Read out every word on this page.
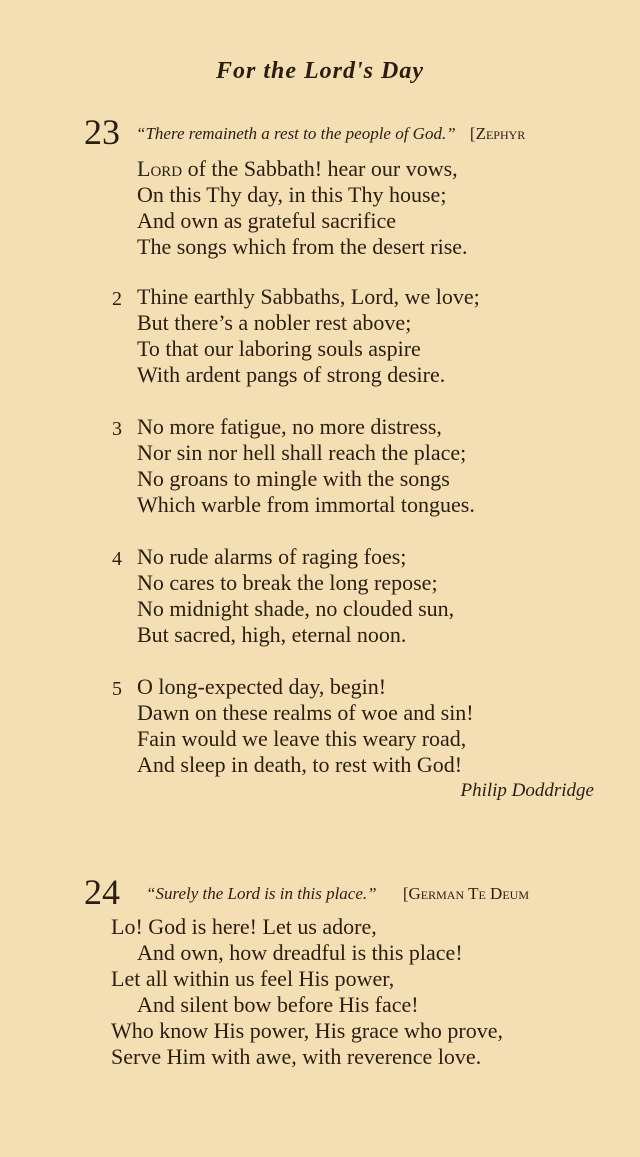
For the Lord's Day
23 “There remaineth a rest to the people of God.” [Zephyr
Lord of the Sabbath! hear our vows,
On this Thy day, in this Thy house;
And own as grateful sacrifice
The songs which from the desert rise.
2 Thine earthly Sabbaths, Lord, we love;
But there’s a nobler rest above;
To that our laboring souls aspire
With ardent pangs of strong desire.
3 No more fatigue, no more distress,
Nor sin nor hell shall reach the place;
No groans to mingle with the songs
Which warble from immortal tongues.
4 No rude alarms of raging foes;
No cares to break the long repose;
No midnight shade, no clouded sun,
But sacred, high, eternal noon.
5 O long-expected day, begin!
Dawn on these realms of woe and sin!
Fain would we leave this weary road,
And sleep in death, to rest with God!
Philip Doddridge
24 “Surely the Lord is in this place.” [German Te Deum
Lo! God is here! Let us adore,
And own, how dreadful is this place!
Let all within us feel His power,
And silent bow before His face!
Who know His power, His grace who prove,
Serve Him with awe, with reverence love.
